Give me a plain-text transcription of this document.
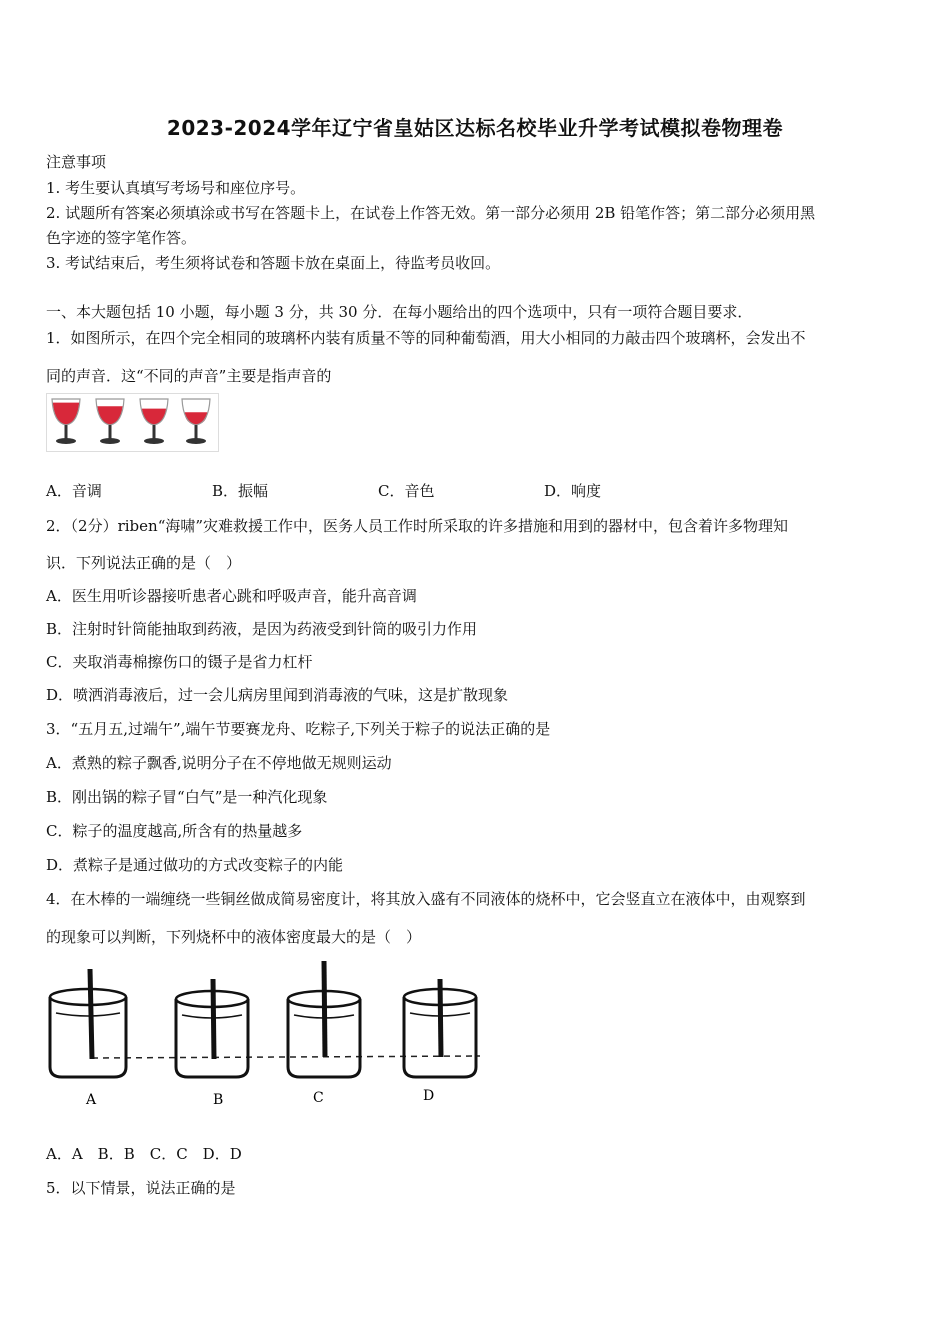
2023-2024学年辽宁省皇姑区达标名校毕业升学考试模拟卷物理卷
注意事项
1. 考生要认真填写考场号和座位序号。
2. 试题所有答案必须填涂或书写在答题卡上，在试卷上作答无效。第一部分必须用 2B 铅笔作答；第二部分必须用黑
色字迹的签字笔作答。
3. 考试结束后，考生须将试卷和答题卡放在桌面上，待监考员收回。
一、本大题包括 10 小题，每小题 3 分，共 30 分．在每小题给出的四个选项中，只有一项符合题目要求．
1．如图所示，在四个完全相同的玻璃杯内装有质量不等的同种葡萄酒，用大小相同的力敲击四个玻璃杯，会发出不
同的声音．这“不同的声音”主要是指声音的
A．音调	B．振幅	C．音色	D．响度
2．（2分）riben“海啸”灾难救援工作中，医务人员工作时所采取的许多措施和用到的器材中，包含着许多物理知
识．下列说法正确的是（　）
A．医生用听诊器接听患者心跳和呼吸声音，能升高音调
B．注射时针筒能抽取到药液，是因为药液受到针筒的吸引力作用
C．夹取消毒棉擦伤口的镊子是省力杠杆
D．喷洒消毒液后，过一会儿病房里闻到消毒液的气味，这是扩散现象
3．“五月五,过端午”,端午节要赛龙舟、吃粽子,下列关于粽子的说法正确的是
A．煮熟的粽子飘香,说明分子在不停地做无规则运动
B．刚出锅的粽子冒“白气”是一种汽化现象
C．粽子的温度越高,所含有的热量越多
D．煮粽子是通过做功的方式改变粽子的内能
4．在木棒的一端缠绕一些铜丝做成简易密度计，将其放入盛有不同液体的烧杯中，它会竖直立在液体中，由观察到
的现象可以判断，下列烧杯中的液体密度最大的是（　）
A	B	C	D
A．A　B．B　C．C　D．D
5．以下情景，说法正确的是
